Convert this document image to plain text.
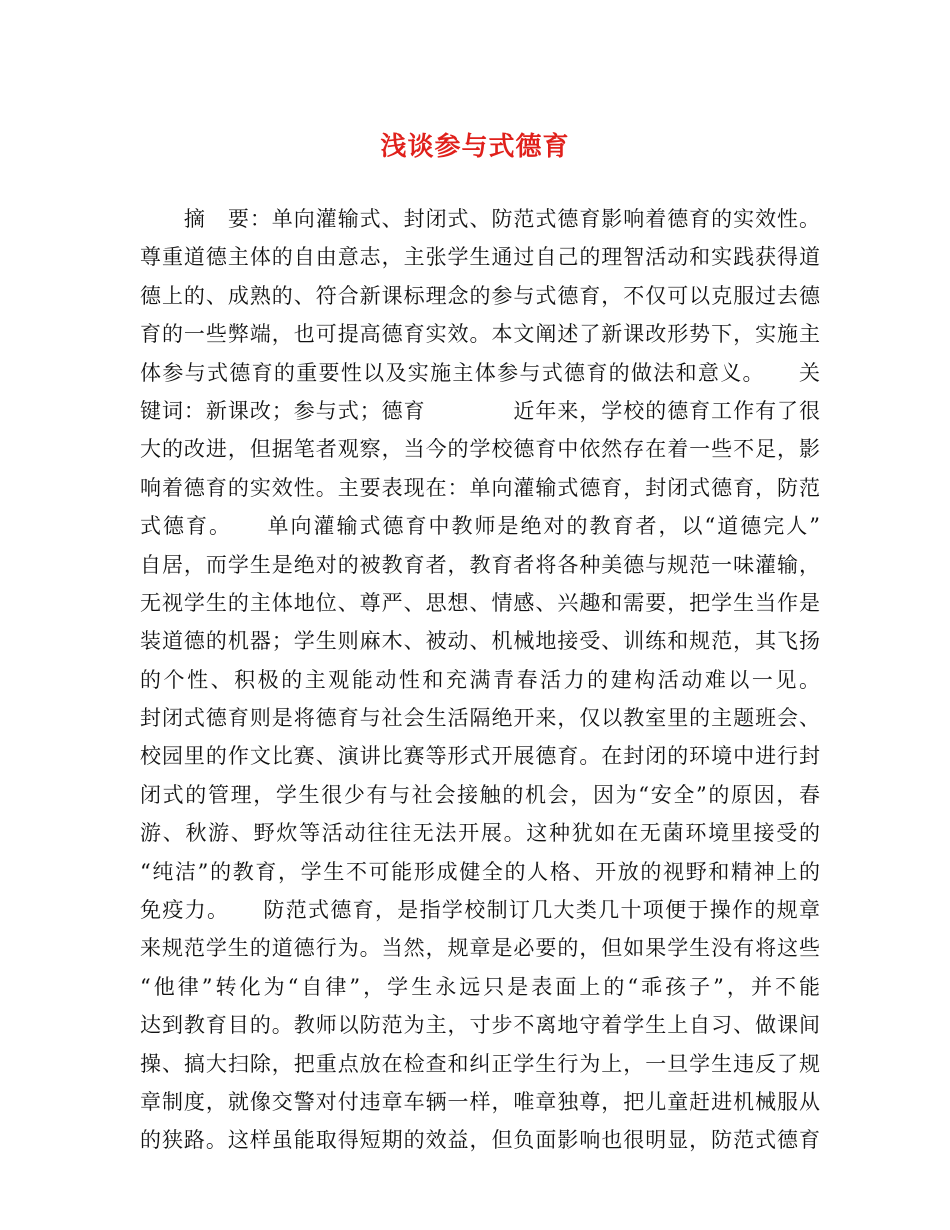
浅谈参与式德育
　　摘　要：单向灌输式、封闭式、防范式德育影响着德育的实效性。
尊重道德主体的自由意志，主张学生通过自己的理智活动和实践获得道
德上的、成熟的、符合新课标理念的参与式德育，不仅可以克服过去德
育的一些弊端，也可提高德育实效。本文阐述了新课改形势下，实施主
体参与式德育的重要性以及实施主体参与式德育的做法和意义。　　关
键词：新课改；参与式；德育　　　　近年来，学校的德育工作有了很
大的改进，但据笔者观察，当今的学校德育中依然存在着一些不足，影
响着德育的实效性。主要表现在：单向灌输式德育，封闭式德育，防范
式德育。　　单向灌输式德育中教师是绝对的教育者，以“道德完人”
自居，而学生是绝对的被教育者，教育者将各种美德与规范一味灌输，
无视学生的主体地位、尊严、思想、情感、兴趣和需要，把学生当作是
装道德的机器；学生则麻木、被动、机械地接受、训练和规范，其飞扬
的个性、积极的主观能动性和充满青春活力的建构活动难以一见。
封闭式德育则是将德育与社会生活隔绝开来，仅以教室里的主题班会、
校园里的作文比赛、演讲比赛等形式开展德育。在封闭的环境中进行封
闭式的管理，学生很少有与社会接触的机会，因为“安全”的原因，春
游、秋游、野炊等活动往往无法开展。这种犹如在无菌环境里接受的
“纯洁”的教育，学生不可能形成健全的人格、开放的视野和精神上的
免疫力。　　防范式德育，是指学校制订几大类几十项便于操作的规章
来规范学生的道德行为。当然，规章是必要的，但如果学生没有将这些
“他律”转化为“自律”，学生永远只是表面上的“乖孩子”，并不能
达到教育目的。教师以防范为主，寸步不离地守着学生上自习、做课间
操、搞大扫除，把重点放在检查和纠正学生行为上，一旦学生违反了规
章制度，就像交警对付违章车辆一样，唯章独尊，把儿童赶进机械服从
的狭路。这样虽能取得短期的效益，但负面影响也很明显，防范式德育
